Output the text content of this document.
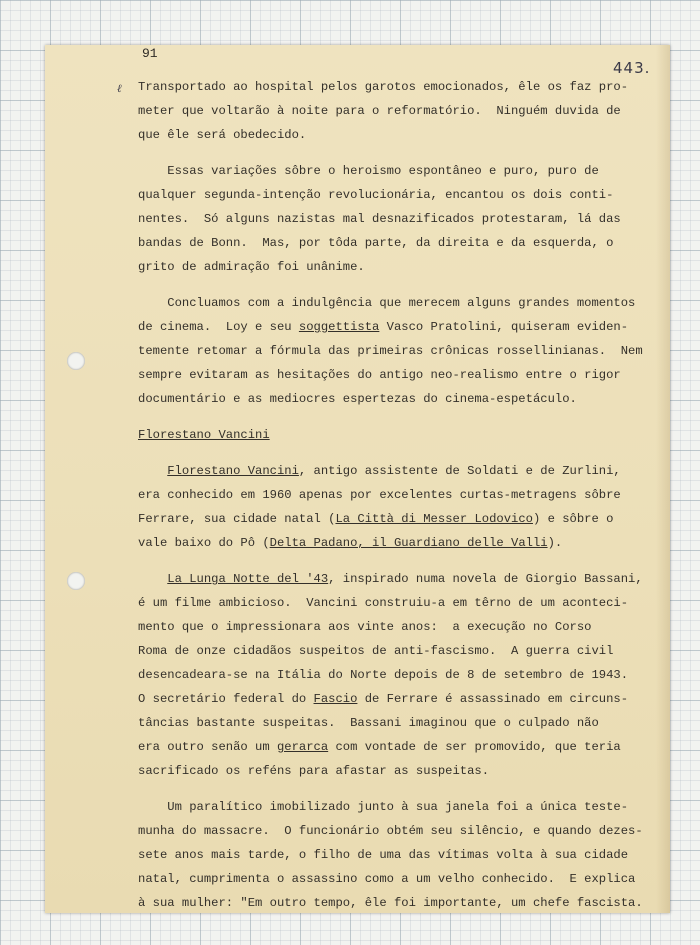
91
443.
ℓ Transportado ao hospital pelos garotos emocionados, êle os faz pro-
meter que voltarão à noite para o reformatório.  Ninguém duvida de
que êle será obedecido.
Essas variações sôbre o heroismo espontâneo e puro, puro de
qualquer segunda-intenção revolucionária, encantou os dois conti-
nentes.  Só alguns nazistas mal desnazificados protestaram, lá das
bandas de Bonn.  Mas, por tôda parte, da direita e da esquerda, o
grito de admiração foi unânime.
Concluamos com a indulgência que merecem alguns grandes momentos
de cinema.  Loy e seu soggettista Vasco Pratolini, quiseram eviden-
temente retomar a fórmula das primeiras crônicas rossellinianas.  Nem
sempre evitaram as hesitações do antigo neo-realismo entre o rigor
documentário e as mediocres espertezas do cinema-espetáculo.
Florestano Vancini
Florestano Vancini, antigo assistente de Soldati e de Zurlini,
era conhecido em 1960 apenas por excelentes curtas-metragens sôbre
Ferrare, sua cidade natal (La Città di Messer Lodovico) e sôbre o
vale baixo do Pô (Delta Padano, il Guardiano delle Valli).
La Lunga Notte del '43, inspirado numa novela de Giorgio Bassani,
é um filme ambicioso.  Vancini construiu-a em têrno de um aconteci-
mento que o impressionara aos vinte anos:  a execução no Corso
Roma de onze cidadãos suspeitos de anti-fascismo.  A guerra civil
desencadeara-se na Itália do Norte depois de 8 de setembro de 1943.
O secretário federal do Fascio de Ferrare é assassinado em circuns-
tâncias bastante suspeitas.  Bassani imaginou que o culpado não
era outro senão um gerarca com vontade de ser promovido, que teria
sacrificado os reféns para afastar as suspeitas.
Um paralítico imobilizado junto à sua janela foi a única teste-
munha do massacre.  O funcionário obtém seu silêncio, e quando dezes-
sete anos mais tarde, o filho de uma das vítimas volta à sua cidade
natal, cumprimenta o assassino como a um velho conhecido.  E explica
à sua mulher: "Em outro tempo, êle foi importante, um chefe fascista.
